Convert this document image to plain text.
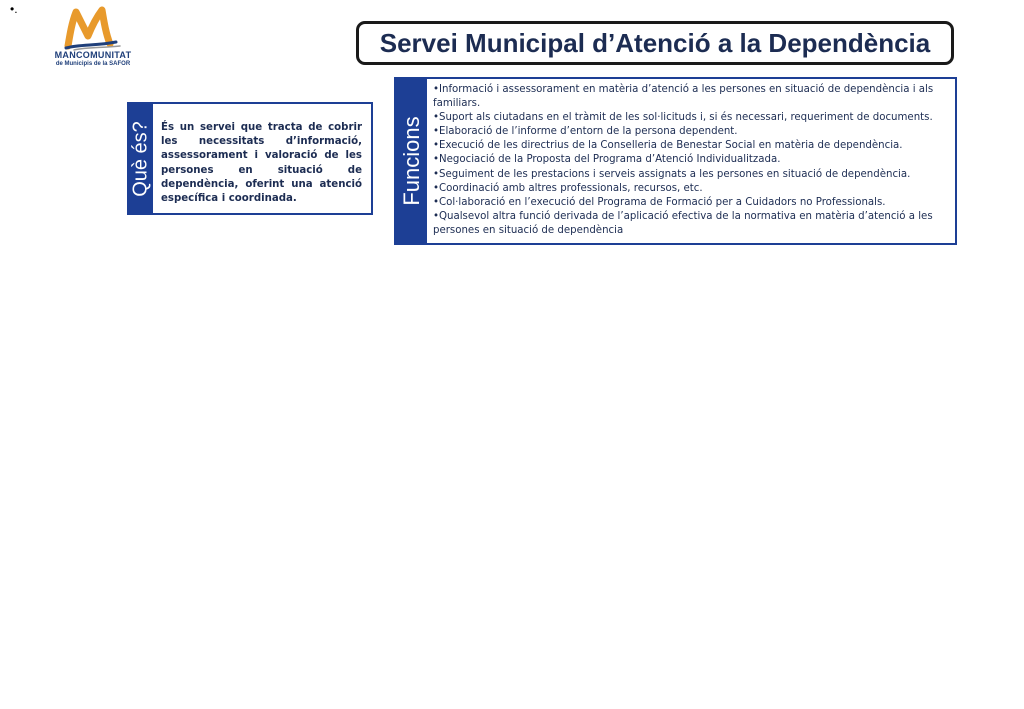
•.
MANCOMUNITAT
de Municipis de la SAFOR
Servei Municipal d’Atenció a la Dependència
Què és? És un servei que tracta de cobrir les necessitats d’informació, assessorament i valoració de les persones en situació de dependència, oferint una atenció específica i coordinada.	Funcions
•Informació i assessorament en matèria d’atenció a les persones en situació de dependència i als familiars.
•Suport als ciutadans en el tràmit de les sol·licituds i, si és necessari, requeriment de documents.
•Elaboració de l’informe d’entorn de la persona dependent.
•Execució de les directrius de la Conselleria de Benestar Social en matèria de dependència.
•Negociació de la Proposta del Programa d’Atenció Individualitzada.
•Seguiment de les prestacions i serveis assignats a les persones en situació de dependència.
•Coordinació amb altres professionals, recursos, etc.
•Col·laboració en l’execució del Programa de Formació per a Cuidadors no Professionals.
•Qualsevol altra funció derivada de l’aplicació efectiva de la normativa en matèria d’atenció a les persones en situació de dependència
